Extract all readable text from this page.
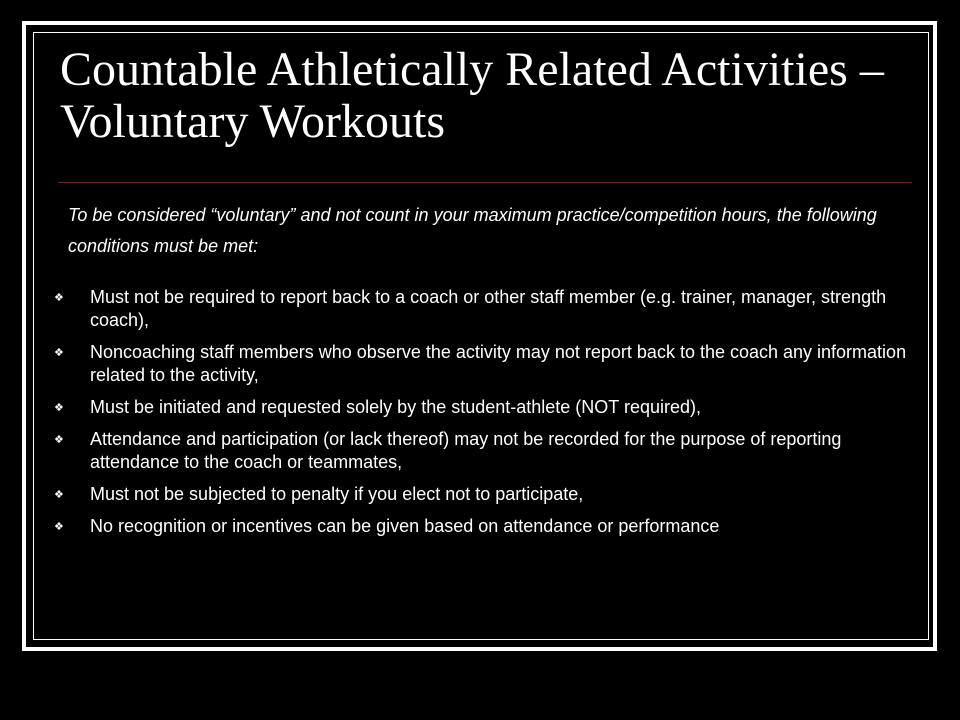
Countable Athletically Related Activities – Voluntary Workouts

To be considered “voluntary” and not count in your maximum practice/competition hours, the following conditions must be met:

❖ Must not be required to report back to a coach or other staff member (e.g. trainer, manager, strength coach),
❖ Noncoaching staff members who observe the activity may not report back to the coach any information related to the activity,
❖ Must be initiated and requested solely by the student-athlete (NOT required),
❖ Attendance and participation (or lack thereof) may not be recorded for the purpose of reporting attendance to the coach or teammates,
❖ Must not be subjected to penalty if you elect not to participate,
❖ No recognition or incentives can be given based on attendance or performance
